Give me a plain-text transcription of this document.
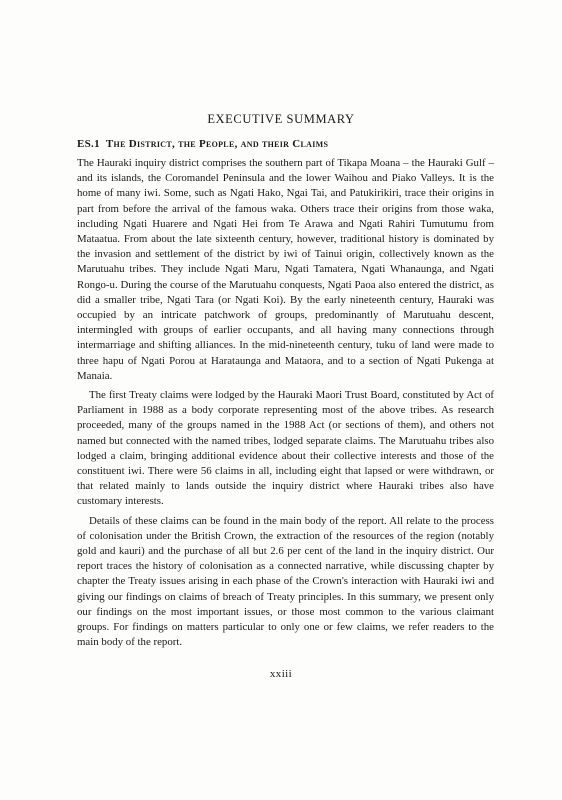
EXECUTIVE SUMMARY
ES.1 The District, the People, and their Claims

The Hauraki inquiry district comprises the southern part of Tikapa Moana – the Hauraki Gulf – and its islands, the Coromandel Peninsula and the lower Waihou and Piako Valleys. It is the home of many iwi. Some, such as Ngati Hako, Ngai Tai, and Patukirikiri, trace their origins in part from before the arrival of the famous waka. Others trace their origins from those waka, including Ngati Huarere and Ngati Hei from Te Arawa and Ngati Rahiri Tumutumu from Mataatua. From about the late sixteenth century, however, traditional history is dominated by the invasion and settlement of the district by iwi of Tainui origin, collectively known as the Marutuahu tribes. They include Ngati Maru, Ngati Tamatera, Ngati Whanaunga, and Ngati Rongo-u. During the course of the Marutuahu conquests, Ngati Paoa also entered the district, as did a smaller tribe, Ngati Tara (or Ngati Koi). By the early nineteenth century, Hauraki was occupied by an intricate patchwork of groups, predominantly of Marutuahu descent, intermingled with groups of earlier occupants, and all having many connections through intermarriage and shifting alliances. In the mid-nineteenth century, tuku of land were made to three hapu of Ngati Porou at Harataunga and Mataora, and to a section of Ngati Pukenga at Manaia.

The first Treaty claims were lodged by the Hauraki Maori Trust Board, constituted by Act of Parliament in 1988 as a body corporate representing most of the above tribes. As research proceeded, many of the groups named in the 1988 Act (or sections of them), and others not named but connected with the named tribes, lodged separate claims. The Marutuahu tribes also lodged a claim, bringing additional evidence about their collective interests and those of the constituent iwi. There were 56 claims in all, including eight that lapsed or were withdrawn, or that related mainly to lands outside the inquiry district where Hauraki tribes also have customary interests.

Details of these claims can be found in the main body of the report. All relate to the process of colonisation under the British Crown, the extraction of the resources of the region (notably gold and kauri) and the purchase of all but 2.6 per cent of the land in the inquiry district. Our report traces the history of colonisation as a connected narrative, while discussing chapter by chapter the Treaty issues arising in each phase of the Crown's interaction with Hauraki iwi and giving our findings on claims of breach of Treaty principles. In this summary, we present only our findings on the most important issues, or those most common to the various claimant groups. For findings on matters particular to only one or few claims, we refer readers to the main body of the report.

xxiii
